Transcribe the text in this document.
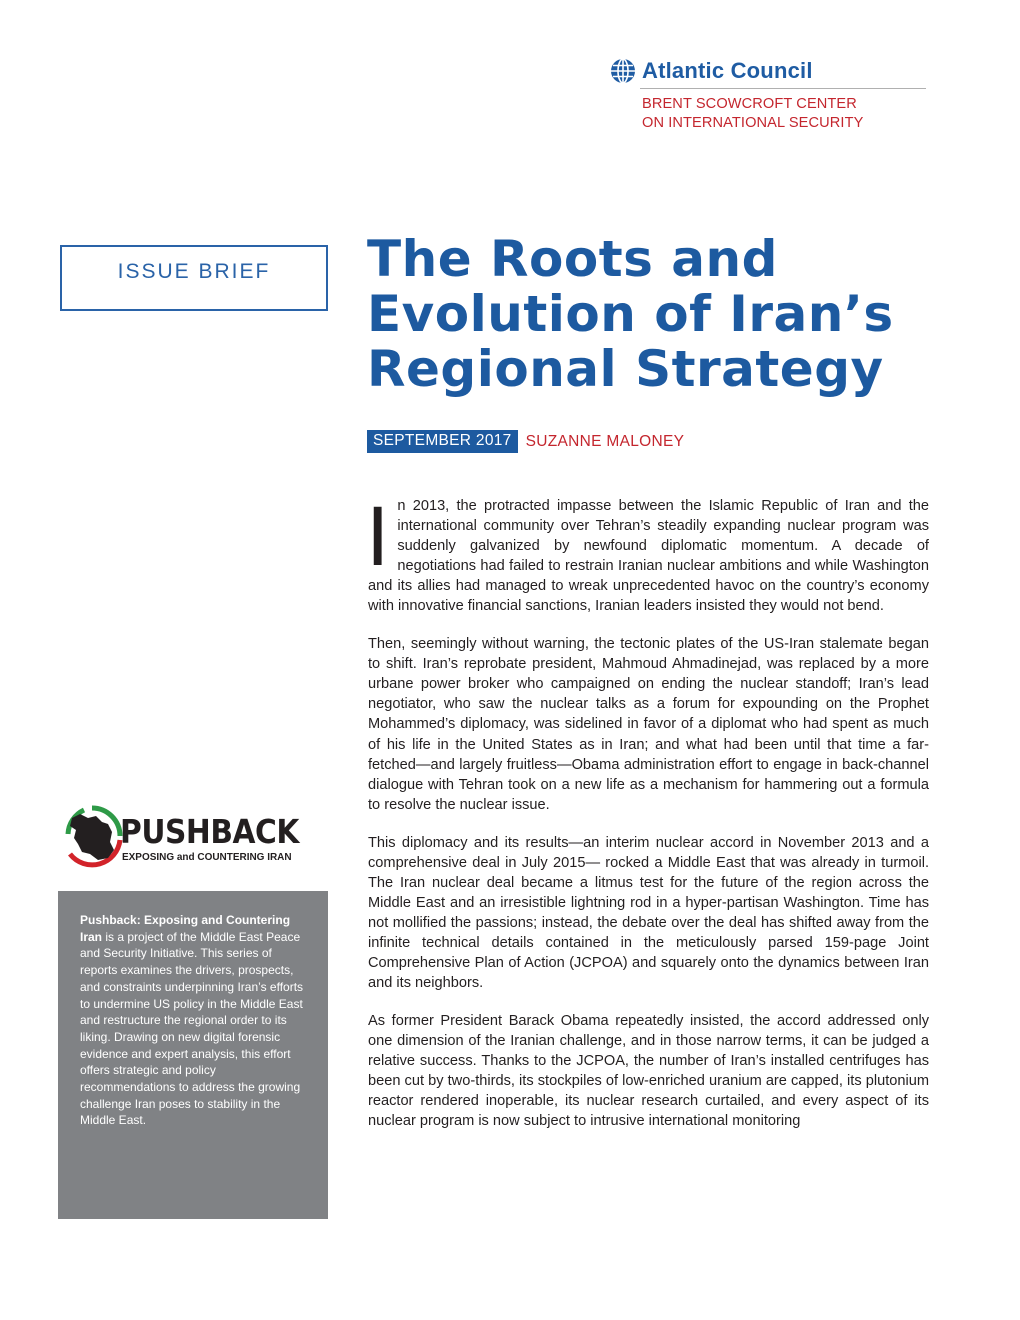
Atlantic Council
BRENT SCOWCROFT CENTER
ON INTERNATIONAL SECURITY
ISSUE BRIEF The Roots and
Evolution of Iran’s
Regional Strategy
SEPTEMBER 2017 SUZANNE MALONEY

In 2013, the protracted impasse between the Islamic Republic of Iran and the international community over Tehran’s steadily expanding nuclear program was suddenly galvanized by newfound diplomatic momentum. A decade of negotiations had failed to restrain Iranian nuclear ambitions and while Washington and its allies had managed to wreak unprecedented havoc on the country’s economy with innovative financial sanctions, Iranian leaders insisted they would not bend.

Then, seemingly without warning, the tectonic plates of the US-Iran stalemate began to shift. Iran’s reprobate president, Mahmoud Ahmadinejad, was replaced by a more urbane power broker who campaigned on ending the nuclear standoff; Iran’s lead negotiator, who saw the nuclear talks as a forum for expounding on the Prophet Mohammed’s diplomacy, was sidelined in favor of a diplomat who had spent as much of his life in the United States as in Iran; and what had been until that time a far-fetched—and largely fruitless—Obama administration effort to engage in back-channel dialogue with Tehran took on a new life as a mechanism for hammering out a formula to resolve the nuclear issue.

This diplomacy and its results—an interim nuclear accord in November 2013 and a comprehensive deal in July 2015— rocked a Middle East that was already in turmoil. The Iran nuclear deal became a litmus test for the future of the region across the Middle East and an irresistible lightning rod in a hyper-partisan Washington. Time has not mollified the passions; instead, the debate over the deal has shifted away from the infinite technical details contained in the meticulously parsed 159-page Joint Comprehensive Plan of Action (JCPOA) and squarely onto the dynamics between Iran and its neighbors.

As former President Barack Obama repeatedly insisted, the accord addressed only one dimension of the Iranian challenge, and in those narrow terms, it can be judged a relative success. Thanks to the JCPOA, the number of Iran’s installed centrifuges has been cut by two-thirds, its stockpiles of low-enriched uranium are capped, its plutonium reactor rendered inoperable, its nuclear research curtailed, and every aspect of its nuclear program is now subject to intrusive international monitoring

PUSHBACK
EXPOSING and COUNTERING IRAN
Pushback: Exposing and Countering Iran is a project of the Middle East Peace and Security Initiative. This series of reports examines the drivers, prospects, and constraints underpinning Iran’s efforts to undermine US policy in the Middle East and restructure the regional order to its liking. Drawing on new digital forensic evidence and expert analysis, this effort offers strategic and policy recommendations to address the growing challenge Iran poses to stability in the Middle East.
